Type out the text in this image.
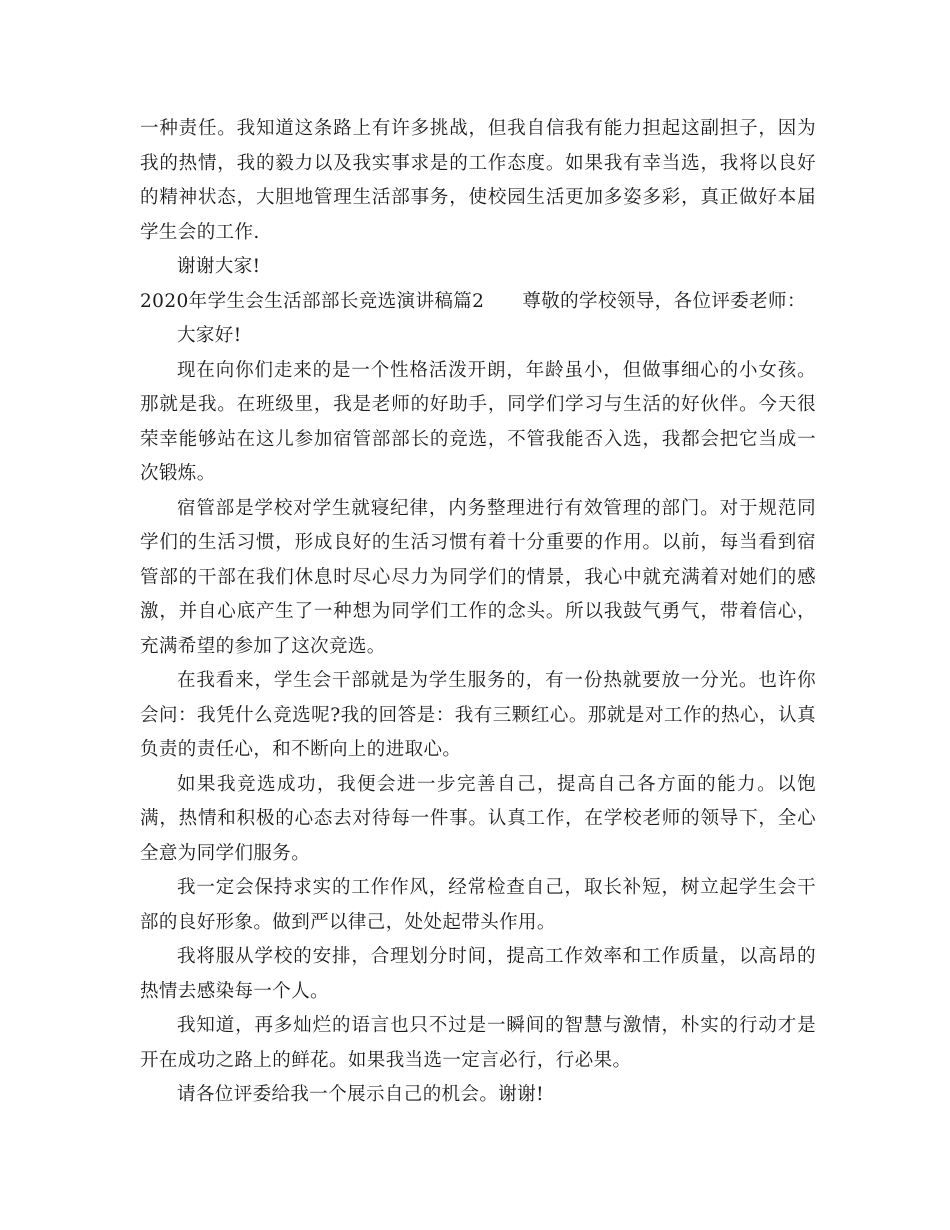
一种责任。我知道这条路上有许多挑战，但我自信我有能力担起这副担子，因为我的热情，我的毅力以及我实事求是的工作态度。如果我有幸当选，我将以良好的精神状态，大胆地管理生活部事务，使校园生活更加多姿多彩，真正做好本届学生会的工作.

谢谢大家!

2020年学生会生活部部长竞选演讲稿篇2 尊敬的学校领导，各位评委老师：

大家好!

现在向你们走来的是一个性格活泼开朗，年龄虽小，但做事细心的小女孩。那就是我。在班级里，我是老师的好助手，同学们学习与生活的好伙伴。今天很荣幸能够站在这儿参加宿管部部长的竞选，不管我能否入选，我都会把它当成一次锻炼。

宿管部是学校对学生就寝纪律，内务整理进行有效管理的部门。对于规范同学们的生活习惯，形成良好的生活习惯有着十分重要的作用。以前，每当看到宿管部的干部在我们休息时尽心尽力为同学们的情景，我心中就充满着对她们的感激，并自心底产生了一种想为同学们工作的念头。所以我鼓气勇气，带着信心，充满希望的参加了这次竞选。

在我看来，学生会干部就是为学生服务的，有一份热就要放一分光。也许你会问：我凭什么竞选呢?我的回答是：我有三颗红心。那就是对工作的热心，认真负责的责任心，和不断向上的进取心。

如果我竞选成功，我便会进一步完善自己，提高自己各方面的能力。以饱满，热情和积极的心态去对待每一件事。认真工作，在学校老师的领导下，全心全意为同学们服务。

我一定会保持求实的工作作风，经常检查自己，取长补短，树立起学生会干部的良好形象。做到严以律己，处处起带头作用。

我将服从学校的安排，合理划分时间，提高工作效率和工作质量，以高昂的热情去感染每一个人。

我知道，再多灿烂的语言也只不过是一瞬间的智慧与激情，朴实的行动才是开在成功之路上的鲜花。如果我当选一定言必行，行必果。

请各位评委给我一个展示自己的机会。谢谢!
